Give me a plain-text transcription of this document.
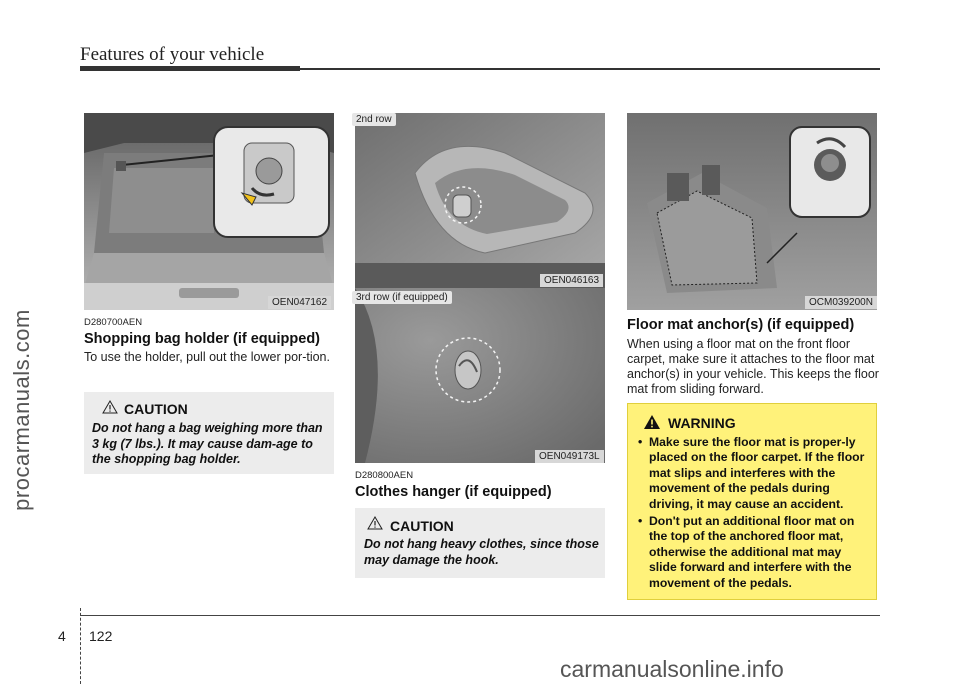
Features of your vehicle
procarmanuals.com
OEN047162
D280700AEN
Shopping bag holder (if equipped)
To use the holder, pull out the lower por-tion.
CAUTION
Do not hang a bag weighing more than 3 kg (7 lbs.). It may cause dam-age to the shopping bag holder.
2nd row
OEN046163
3rd row (if equipped)
OEN049173L
D280800AEN
Clothes hanger (if equipped)
CAUTION
Do not hang heavy clothes, since those may damage the hook.
OCM039200N
Floor mat anchor(s) (if equipped)
When using a floor mat on the front floor carpet, make sure it attaches to the floor mat anchor(s) in your vehicle. This keeps the floor mat from sliding forward.
WARNING
• Make sure the floor mat is proper-ly placed on the floor carpet. If the floor mat slips and interferes with the movement of the pedals during driving, it may cause an accident.
• Don't put an additional floor mat on the top of the anchored floor mat, otherwise the additional mat may slide forward and interfere with the movement of the pedals.
4 122
carmanualsonline.info
